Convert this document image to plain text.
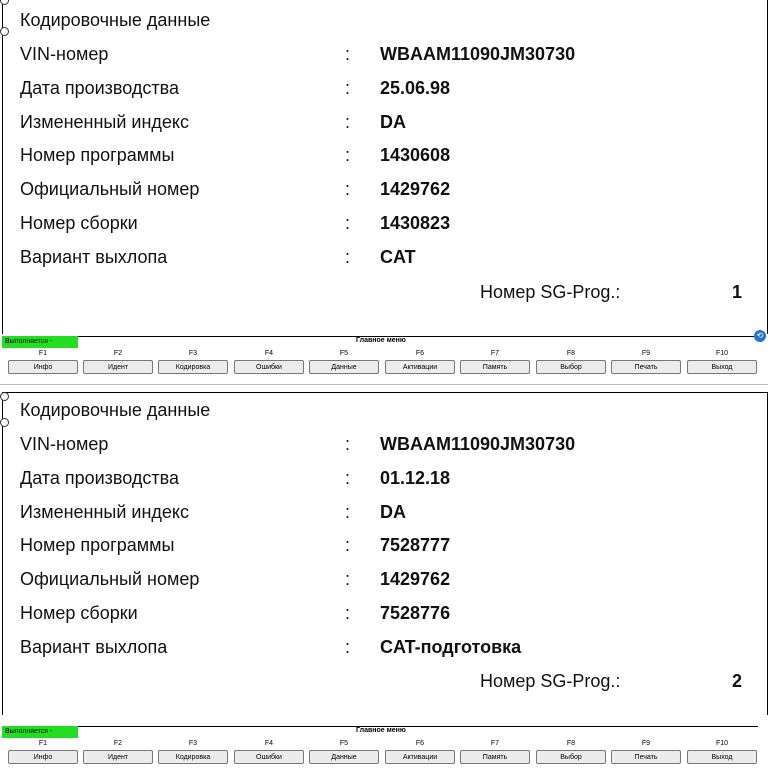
Кодировочные данные
VIN-номер	: WBAAM11090JM30730
Дата производства	: 25.06.98
Измененный индекс	: DA
Номер программы	: 1430608
Официальный номер	: 1429762
Номер сборки	: 1430823
Вариант выхлопа	: CAT
Номер SG-Prog.:	1
Выполняется -	Главное меню
⟲
F1
Инфо
F2
Идент
F3
Кодировка
F4
Ошибки
F5
Данные
F6
Активации
F7
Память
F8
Выбор
F9
Печать
F10
Выход
Кодировочные данные
VIN-номер	: WBAAM11090JM30730
Дата производства	: 01.12.18
Измененный индекс	: DA
Номер программы	: 7528777
Официальный номер	: 1429762
Номер сборки	: 7528776
Вариант выхлопа	: CAT-подготовка
Номер SG-Prog.:	2
Выполняется -	Главное меню
F1
Инфо
F2
Идент
F3
Кодировка
F4
Ошибки
F5
Данные
F6
Активации
F7
Память
F8
Выбор
F9
Печать
F10
Выход
